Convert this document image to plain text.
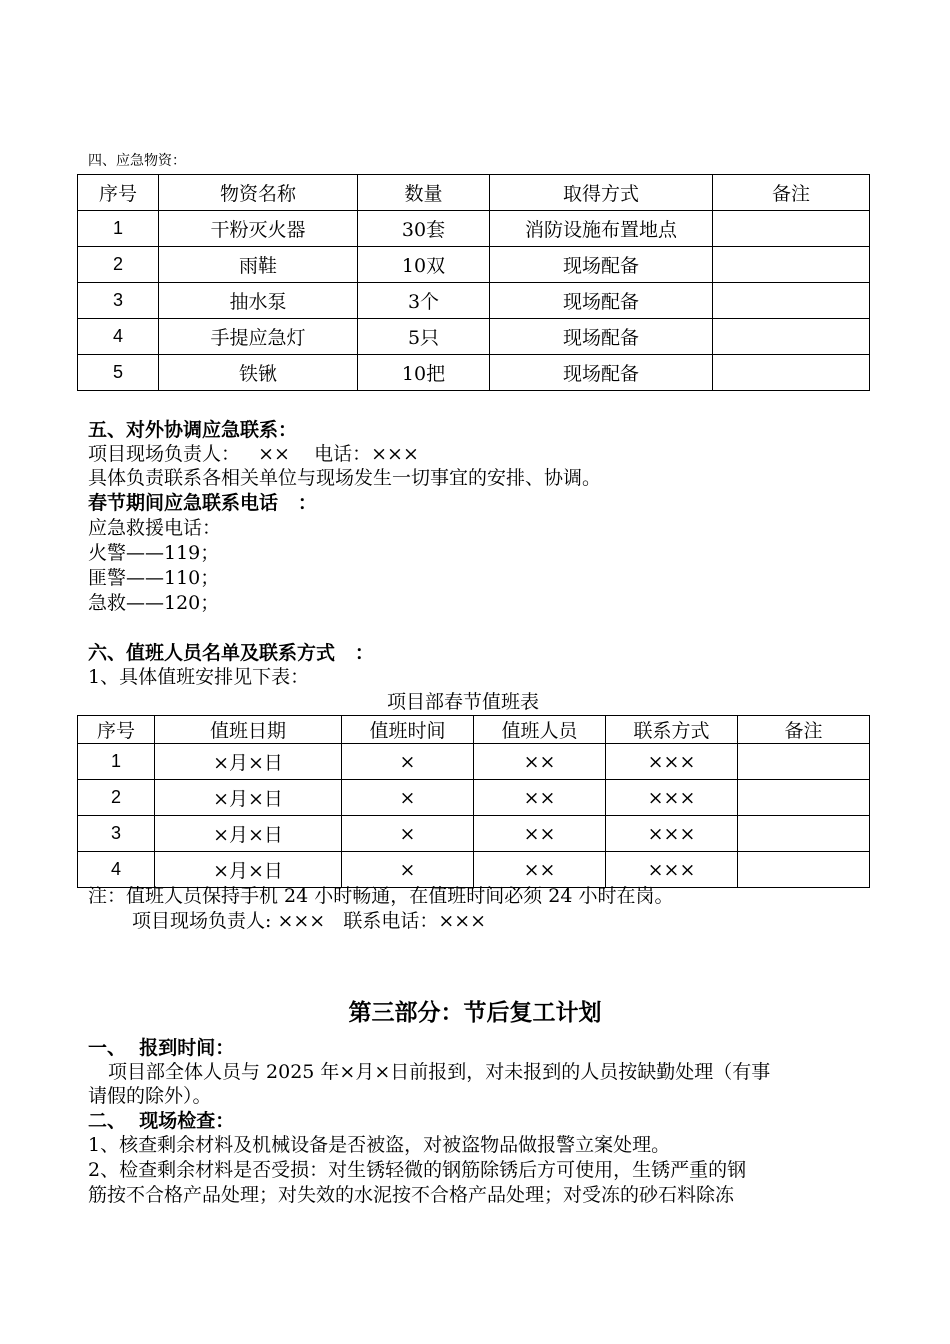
四、应急物资：
序号	物资名称	数量	取得方式	备注
1	干粉灭火器	30套	消防设施布置地点	
2	雨鞋	10双	现场配备	
3	抽水泵	3个	现场配备	
4	手提应急灯	5只	现场配备	
5	铁锹	10把	现场配备	
五、对外协调应急联系：
项目现场负责人：   ××    电话：×××
具体负责联系各相关单位与现场发生一切事宜的安排、协调。
春节期间应急联系电话   ：
应急救援电话：
火警——119；
匪警——110；
急救——120；
六、值班人员名单及联系方式   ：
1、具体值班安排见下表：
项目部春节值班表
序号	值班日期	值班时间	值班人员	联系方式	备注
1	×月×日	×	××	×××	
2	×月×日	×	××	×××	
3	×月×日	×	××	×××	
4	×月×日	×	××	×××	
注：值班人员保持手机 24 小时畅通，在值班时间必须 24 小时在岗。
项目现场负责人: ×××   联系电话：×××
第三部分：节后复工计划
一、  报到时间：
项目部全体人员与 2025 年×月×日前报到，对未报到的人员按缺勤处理（有事
请假的除外）。
二、  现场检查：
1、核查剩余材料及机械设备是否被盗，对被盗物品做报警立案处理。
2、检查剩余材料是否受损：对生锈轻微的钢筋除锈后方可使用，生锈严重的钢
筋按不合格产品处理；对失效的水泥按不合格产品处理；对受冻的砂石料除冻
